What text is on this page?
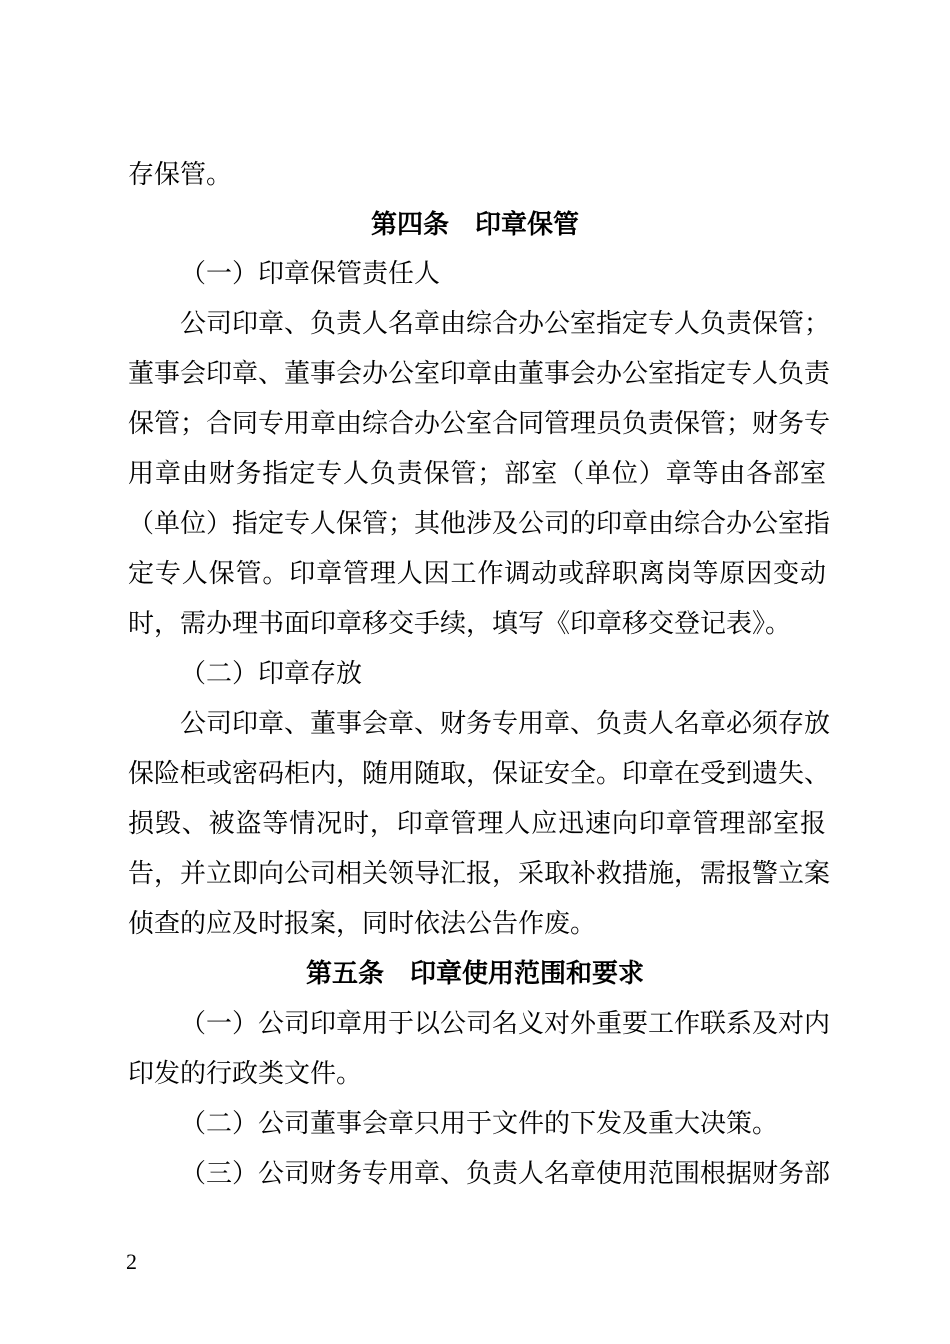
存保管。
第四条　印章保管
（一）印章保管责任人
公司印章、负责人名章由综合办公室指定专人负责保管；
董事会印章、董事会办公室印章由董事会办公室指定专人负责
保管；合同专用章由综合办公室合同管理员负责保管；财务专
用章由财务指定专人负责保管；部室（单位）章等由各部室
（单位）指定专人保管；其他涉及公司的印章由综合办公室指
定专人保管。印章管理人因工作调动或辞职离岗等原因变动
时，需办理书面印章移交手续，填写《印章移交登记表》。
（二）印章存放
公司印章、董事会章、财务专用章、负责人名章必须存放
保险柜或密码柜内，随用随取，保证安全。印章在受到遗失、
损毁、被盗等情况时，印章管理人应迅速向印章管理部室报
告，并立即向公司相关领导汇报，采取补救措施，需报警立案
侦查的应及时报案，同时依法公告作废。
第五条　印章使用范围和要求
（一）公司印章用于以公司名义对外重要工作联系及对内
印发的行政类文件。
（二）公司董事会章只用于文件的下发及重大决策。
（三）公司财务专用章、负责人名章使用范围根据财务部
2
